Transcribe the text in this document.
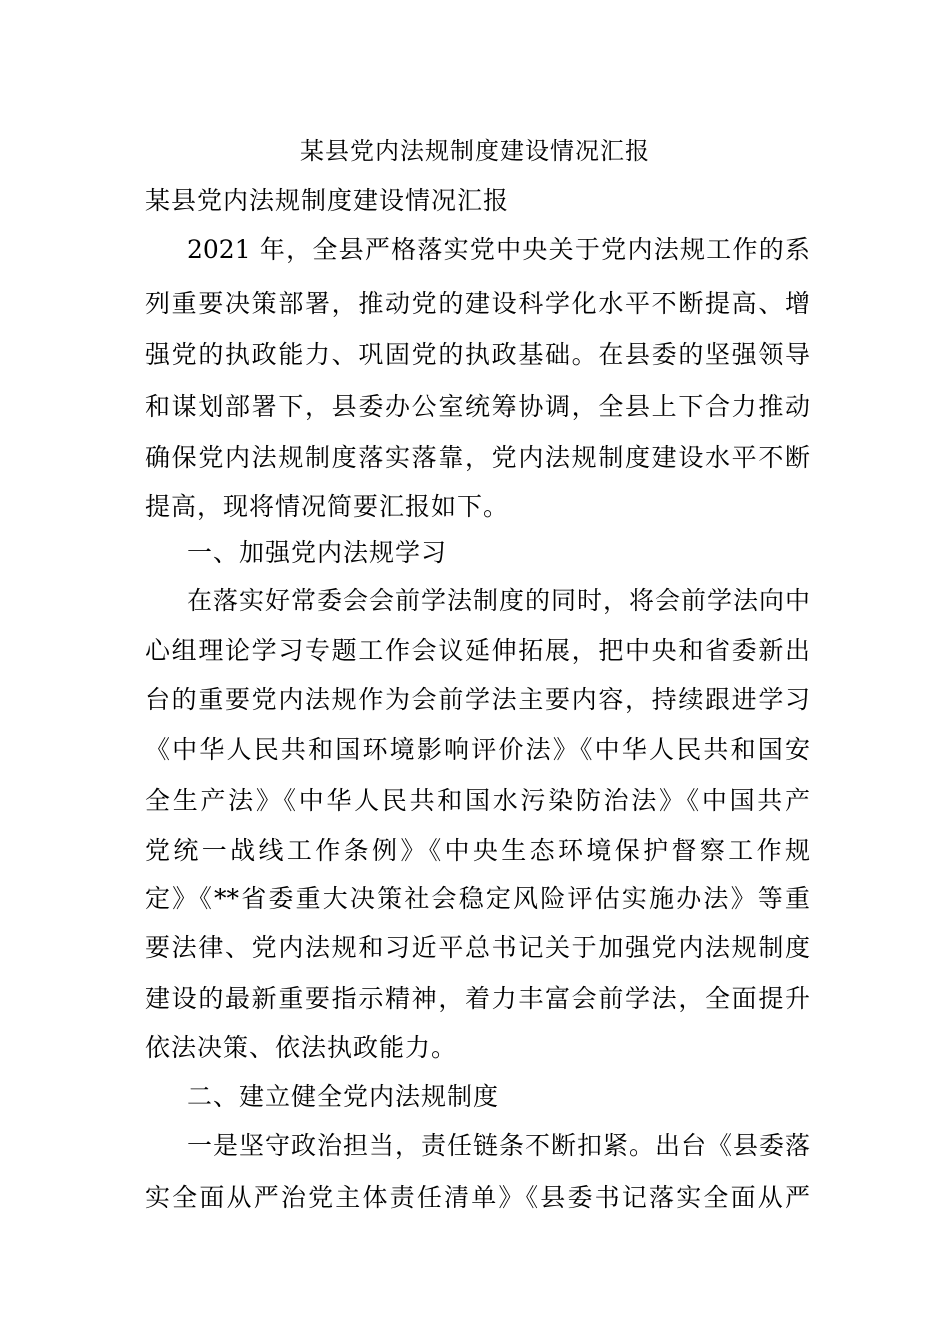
某县党内法规制度建设情况汇报
某县党内法规制度建设情况汇报
2021 年，全县严格落实党中央关于党内法规工作的系
列重要决策部署，推动党的建设科学化水平不断提高、增
强党的执政能力、巩固党的执政基础。在县委的坚强领导
和谋划部署下，县委办公室统筹协调，全县上下合力推动
确保党内法规制度落实落靠，党内法规制度建设水平不断
提高，现将情况简要汇报如下。
一、加强党内法规学习
在落实好常委会会前学法制度的同时，将会前学法向中
心组理论学习专题工作会议延伸拓展，把中央和省委新出
台的重要党内法规作为会前学法主要内容，持续跟进学习
《中华人民共和国环境影响评价法》《中华人民共和国安
全生产法》《中华人民共和国水污染防治法》《中国共产
党统一战线工作条例》《中央生态环境保护督察工作规
定》《**省委重大决策社会稳定风险评估实施办法》等重
要法律、党内法规和习近平总书记关于加强党内法规制度
建设的最新重要指示精神，着力丰富会前学法，全面提升
依法决策、依法执政能力。
二、建立健全党内法规制度
一是坚守政治担当，责任链条不断扣紧。出台《县委落
实全面从严治党主体责任清单》《县委书记落实全面从严
